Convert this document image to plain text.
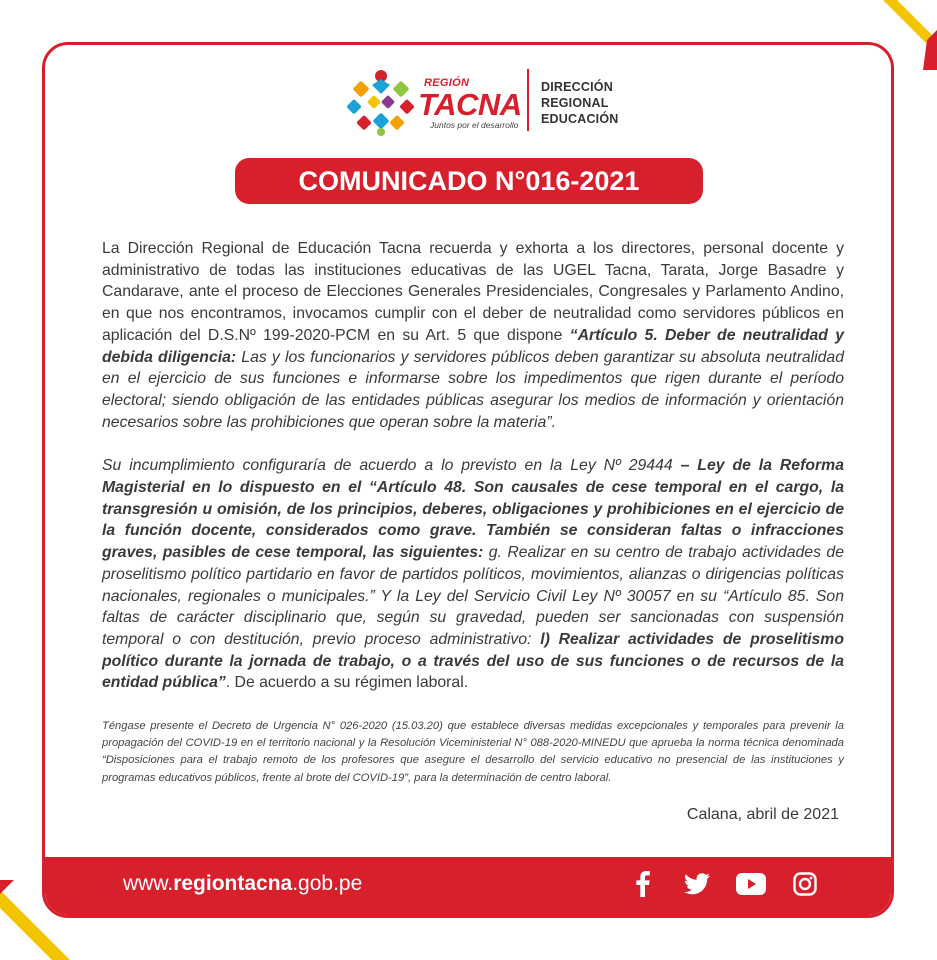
REGIÓN
TACNA
Juntos por el desarrollo
DIRECCIÓN
REGIONAL
EDUCACIÓN
COMUNICADO N°016-2021

La Dirección Regional de Educación Tacna recuerda y exhorta a los directores, personal docente y administrativo de todas las instituciones educativas de las UGEL Tacna, Tarata, Jorge Basadre y Candarave, ante el proceso de Elecciones Generales Presidenciales, Congresales y Parlamento Andino, en que nos encontramos, invocamos cumplir con el deber de neutralidad como servidores públicos en aplicación del D.S.Nº 199-2020-PCM en su Art. 5 que dispone “Artículo 5. Deber de neutralidad y debida diligencia: Las y los funcionarios y servidores públicos deben garantizar su absoluta neutralidad en el ejercicio de sus funciones e informarse sobre los impedimentos que rigen durante el período electoral; siendo obligación de las entidades públicas asegurar los medios de información y orientación necesarios sobre las prohibiciones que operan sobre la materia”.

Su incumplimiento configuraría de acuerdo a lo previsto en la Ley Nº 29444 – Ley de la Reforma Magisterial en lo dispuesto en el “Artículo 48. Son causales de cese temporal en el cargo, la transgresión u omisión, de los principios, deberes, obligaciones y prohibiciones en el ejercicio de la función docente, considerados como grave. También se consideran faltas o infracciones graves, pasibles de cese temporal, las siguientes: g. Realizar en su centro de trabajo actividades de proselitismo político partidario en favor de partidos políticos, movimientos, alianzas o dirigencias políticas nacionales, regionales o municipales.” Y la Ley del Servicio Civil Ley Nº 30057 en su “Artículo 85. Son faltas de carácter disciplinario que, según su gravedad, pueden ser sancionadas con suspensión temporal o con destitución, previo proceso administrativo: l) Realizar actividades de proselitismo político durante la jornada de trabajo, o a través del uso de sus funciones o de recursos de la entidad pública”. De acuerdo a su régimen laboral.

Téngase presente el Decreto de Urgencia N° 026-2020 (15.03.20) que establece diversas medidas excepcionales y temporales para prevenir la propagación del COVID-19 en el territorio nacional y la Resolución Viceministerial N° 088-2020-MINEDU que aprueba la norma técnica denominada “Disposiciones para el trabajo remoto de los profesores que asegure el desarrollo del servicio educativo no presencial de las instituciones y programas educativos públicos, frente al brote del COVID-19”, para la determinación de centro laboral.
Calana, abril de 2021
www.regiontacna.gob.pe
